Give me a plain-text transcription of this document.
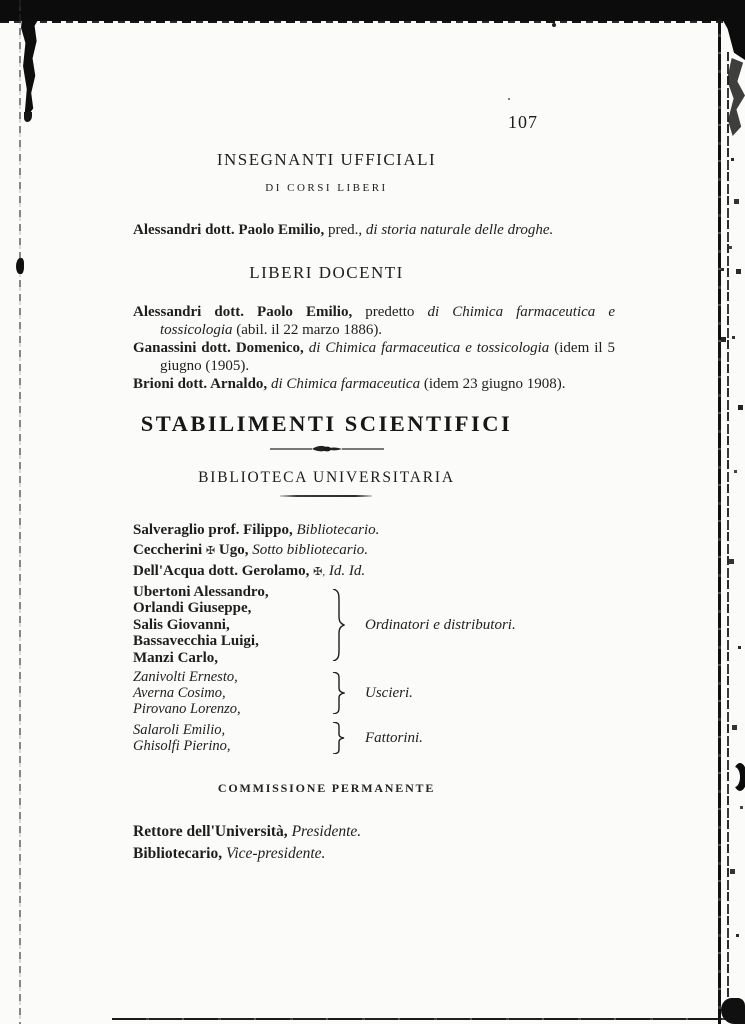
107
INSEGNANTI UFFICIALI
DI CORSI LIBERI

Alessandri dott. Paolo Emilio, pred., di storia naturale delle droghe.

LIBERI DOCENTI

Alessandri dott. Paolo Emilio, predetto di Chimica farmaceutica e tossicologia (abil. il 22 marzo 1886).

Ganassini dott. Domenico, di Chimica farmaceutica e tossicologia (idem il 5 giugno (1905).

Brioni dott. Arnaldo, di Chimica farmaceutica (idem 23 giugno 1908).

STABILIMENTI SCIENTIFICI
BIBLIOTECA UNIVERSITARIA
Salveraglio prof. Filippo, Bibliotecario.
Ceccherini ✠ Ugo, Sotto bibliotecario.
Dell'Acqua dott. Gerolamo, ✠, Id. Id.
Ubertoni Alessandro,
Orlandi Giuseppe,
Salis Giovanni,
Bassavecchia Luigi,
Manzi Carlo,
Ordinatori e distributori.
Zanivolti Ernesto,
Averna Cosimo,
Pirovano Lorenzo,
Uscieri.
Salaroli Emilio,
Ghisolfi Pierino,	Fattorini.
COMMISSIONE PERMANENTE
Rettore dell'Università, Presidente.
Bibliotecario, Vice-presidente.
